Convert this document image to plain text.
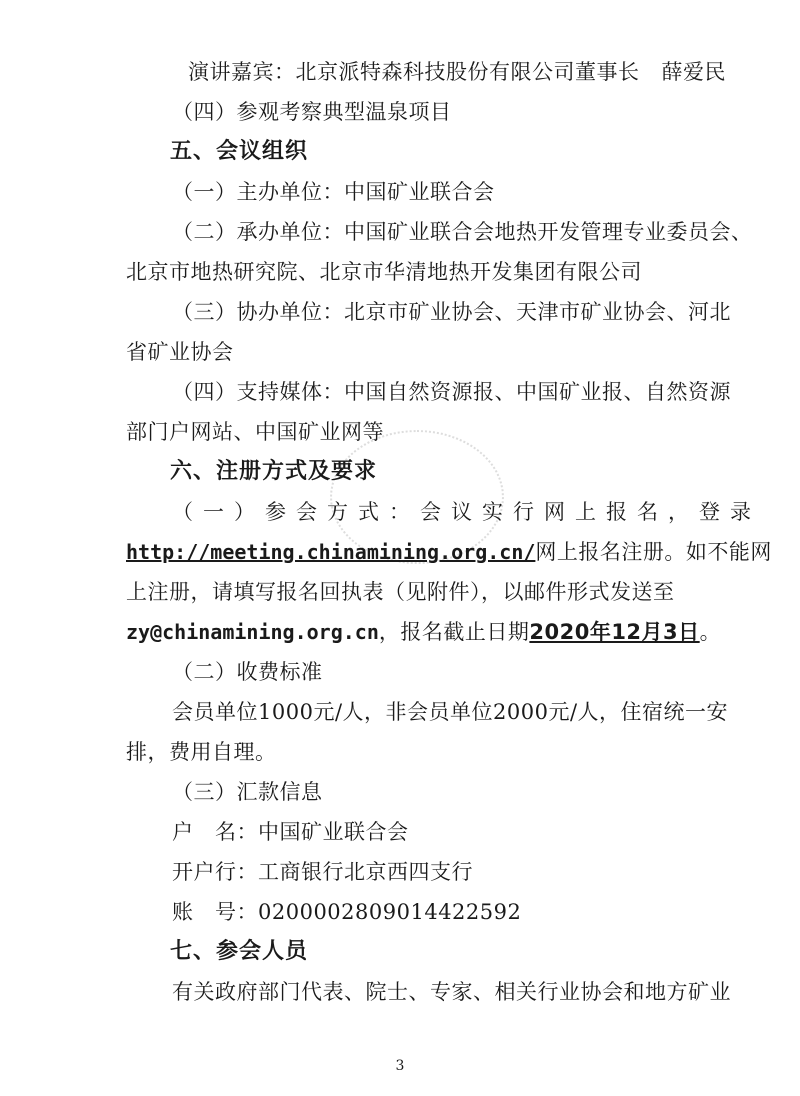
演讲嘉宾：北京派特森科技股份有限公司董事长 薛爱民
（四）参观考察典型温泉项目
五、会议组织
（一）主办单位：中国矿业联合会
（二）承办单位：中国矿业联合会地热开发管理专业委员会、
北京市地热研究院、北京市华清地热开发集团有限公司
（三）协办单位：北京市矿业协会、天津市矿业协会、河北
省矿业协会
（四）支持媒体：中国自然资源报、中国矿业报、自然资源
部门户网站、中国矿业网等
六、注册方式及要求
（一）参会方式：会议实行网上报名，登录
http://meeting.chinamining.org.cn/网上报名注册。如不能网
上注册，请填写报名回执表（见附件），以邮件形式发送至
zy@chinamining.org.cn，报名截止日期2020年12月3日。
（二）收费标准
会员单位1000元/人，非会员单位2000元/人，住宿统一安
排，费用自理。
（三）汇款信息
户　名：中国矿业联合会
开户行：工商银行北京西四支行
账　号：0200002809014422592
七、参会人员
有关政府部门代表、院士、专家、相关行业协会和地方矿业
3
